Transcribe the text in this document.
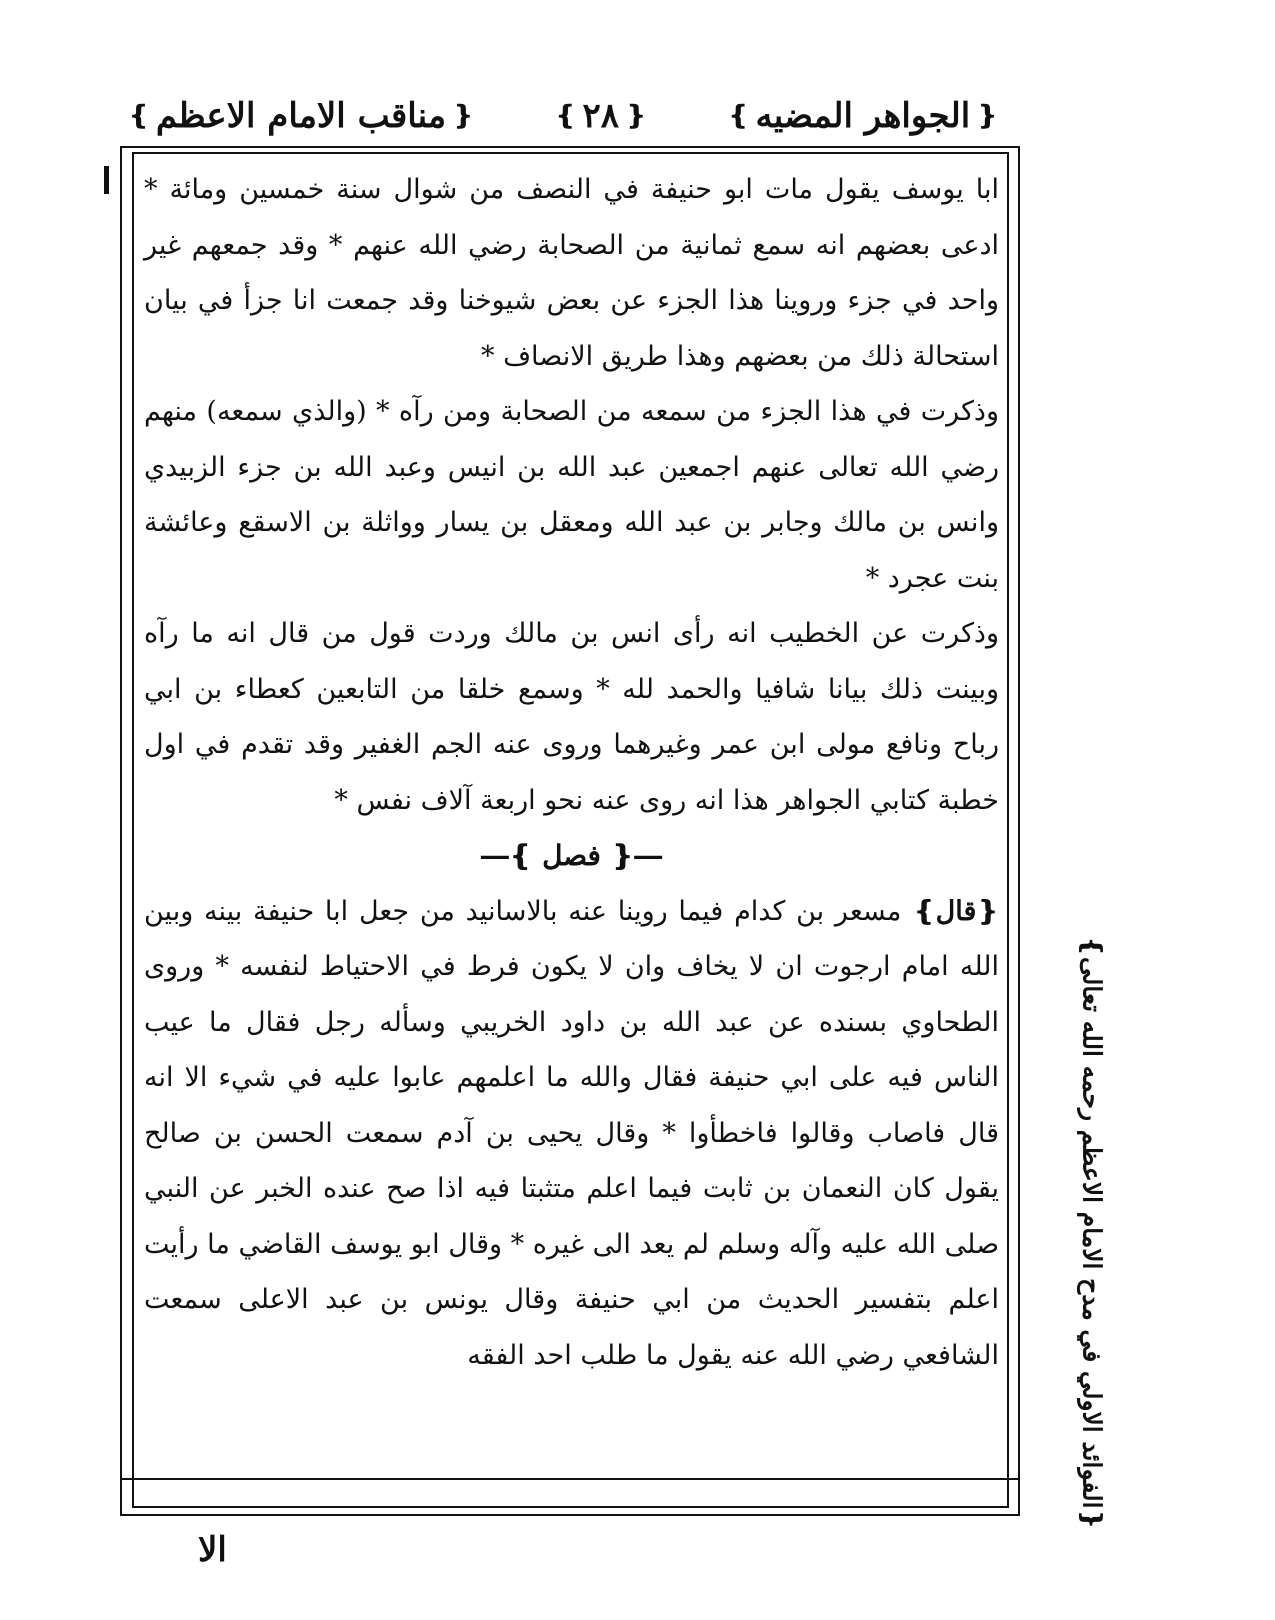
❴
الجواهر المضيه
❵
❴
٢٨
❵
❴
مناقب الامام الاعظم
❵

ابا يوسف يقول مات ابو حنيفة في النصف من شوال سنة خمسين ومائة * ادعى بعضهم انه سمع ثمانية من الصحابة رضي الله عنهم * وقد جمعهم غير واحد في جزء وروينا هذا الجزء عن بعض شيوخنا وقد جمعت انا جزأ في بيان استحالة ذلك من بعضهم وهذا طريق الانصاف *

وذكرت في هذا الجزء من سمعه من الصحابة ومن رآه * (والذي سمعه) منهم رضي الله تعالى عنهم اجمعين عبد الله بن انيس وعبد الله بن جزء الزبيدي وانس بن مالك وجابر بن عبد الله ومعقل بن يسار وواثلة بن الاسقع وعائشة بنت عجرد *

وذكرت عن الخطيب انه رأى انس بن مالك وردت قول من قال انه ما رآه وبينت ذلك بيانا شافيا والحمد لله * وسمع خلقا من التابعين كعطاء بن ابي رباح ونافع مولى ابن عمر وغيرهما وروى عنه الجم الغفير وقد تقدم في اول خطبة كتابي الجواهر هذا انه روى عنه نحو اربعة آلاف نفس *

―❴ فصل ❵―

❴قال❵ مسعر بن كدام فيما روينا عنه بالاسانيد من جعل ابا حنيفة بينه وبين الله امام ارجوت ان لا يخاف وان لا يكون فرط في الاحتياط لنفسه * وروى الطحاوي بسنده عن عبد الله بن داود الخريبي وسأله رجل فقال ما عيب الناس فيه على ابي حنيفة فقال والله ما اعلمهم عابوا عليه في شيء الا انه قال فاصاب وقالوا فاخطأوا * وقال يحيى بن آدم سمعت الحسن بن صالح يقول كان النعمان بن ثابت فيما اعلم متثبتا فيه اذا صح عنده الخبر عن النبي صلى الله عليه وآله وسلم لم يعد الى غيره * وقال ابو يوسف القاضي ما رأيت اعلم بتفسير الحديث من ابي حنيفة وقال يونس بن عبد الاعلى سمعت الشافعي رضي الله عنه يقول ما طلب احد الفقه

الا
❴الفوائد الاولي في مدح الامام الاعظم رحمه الله تعالى❵
